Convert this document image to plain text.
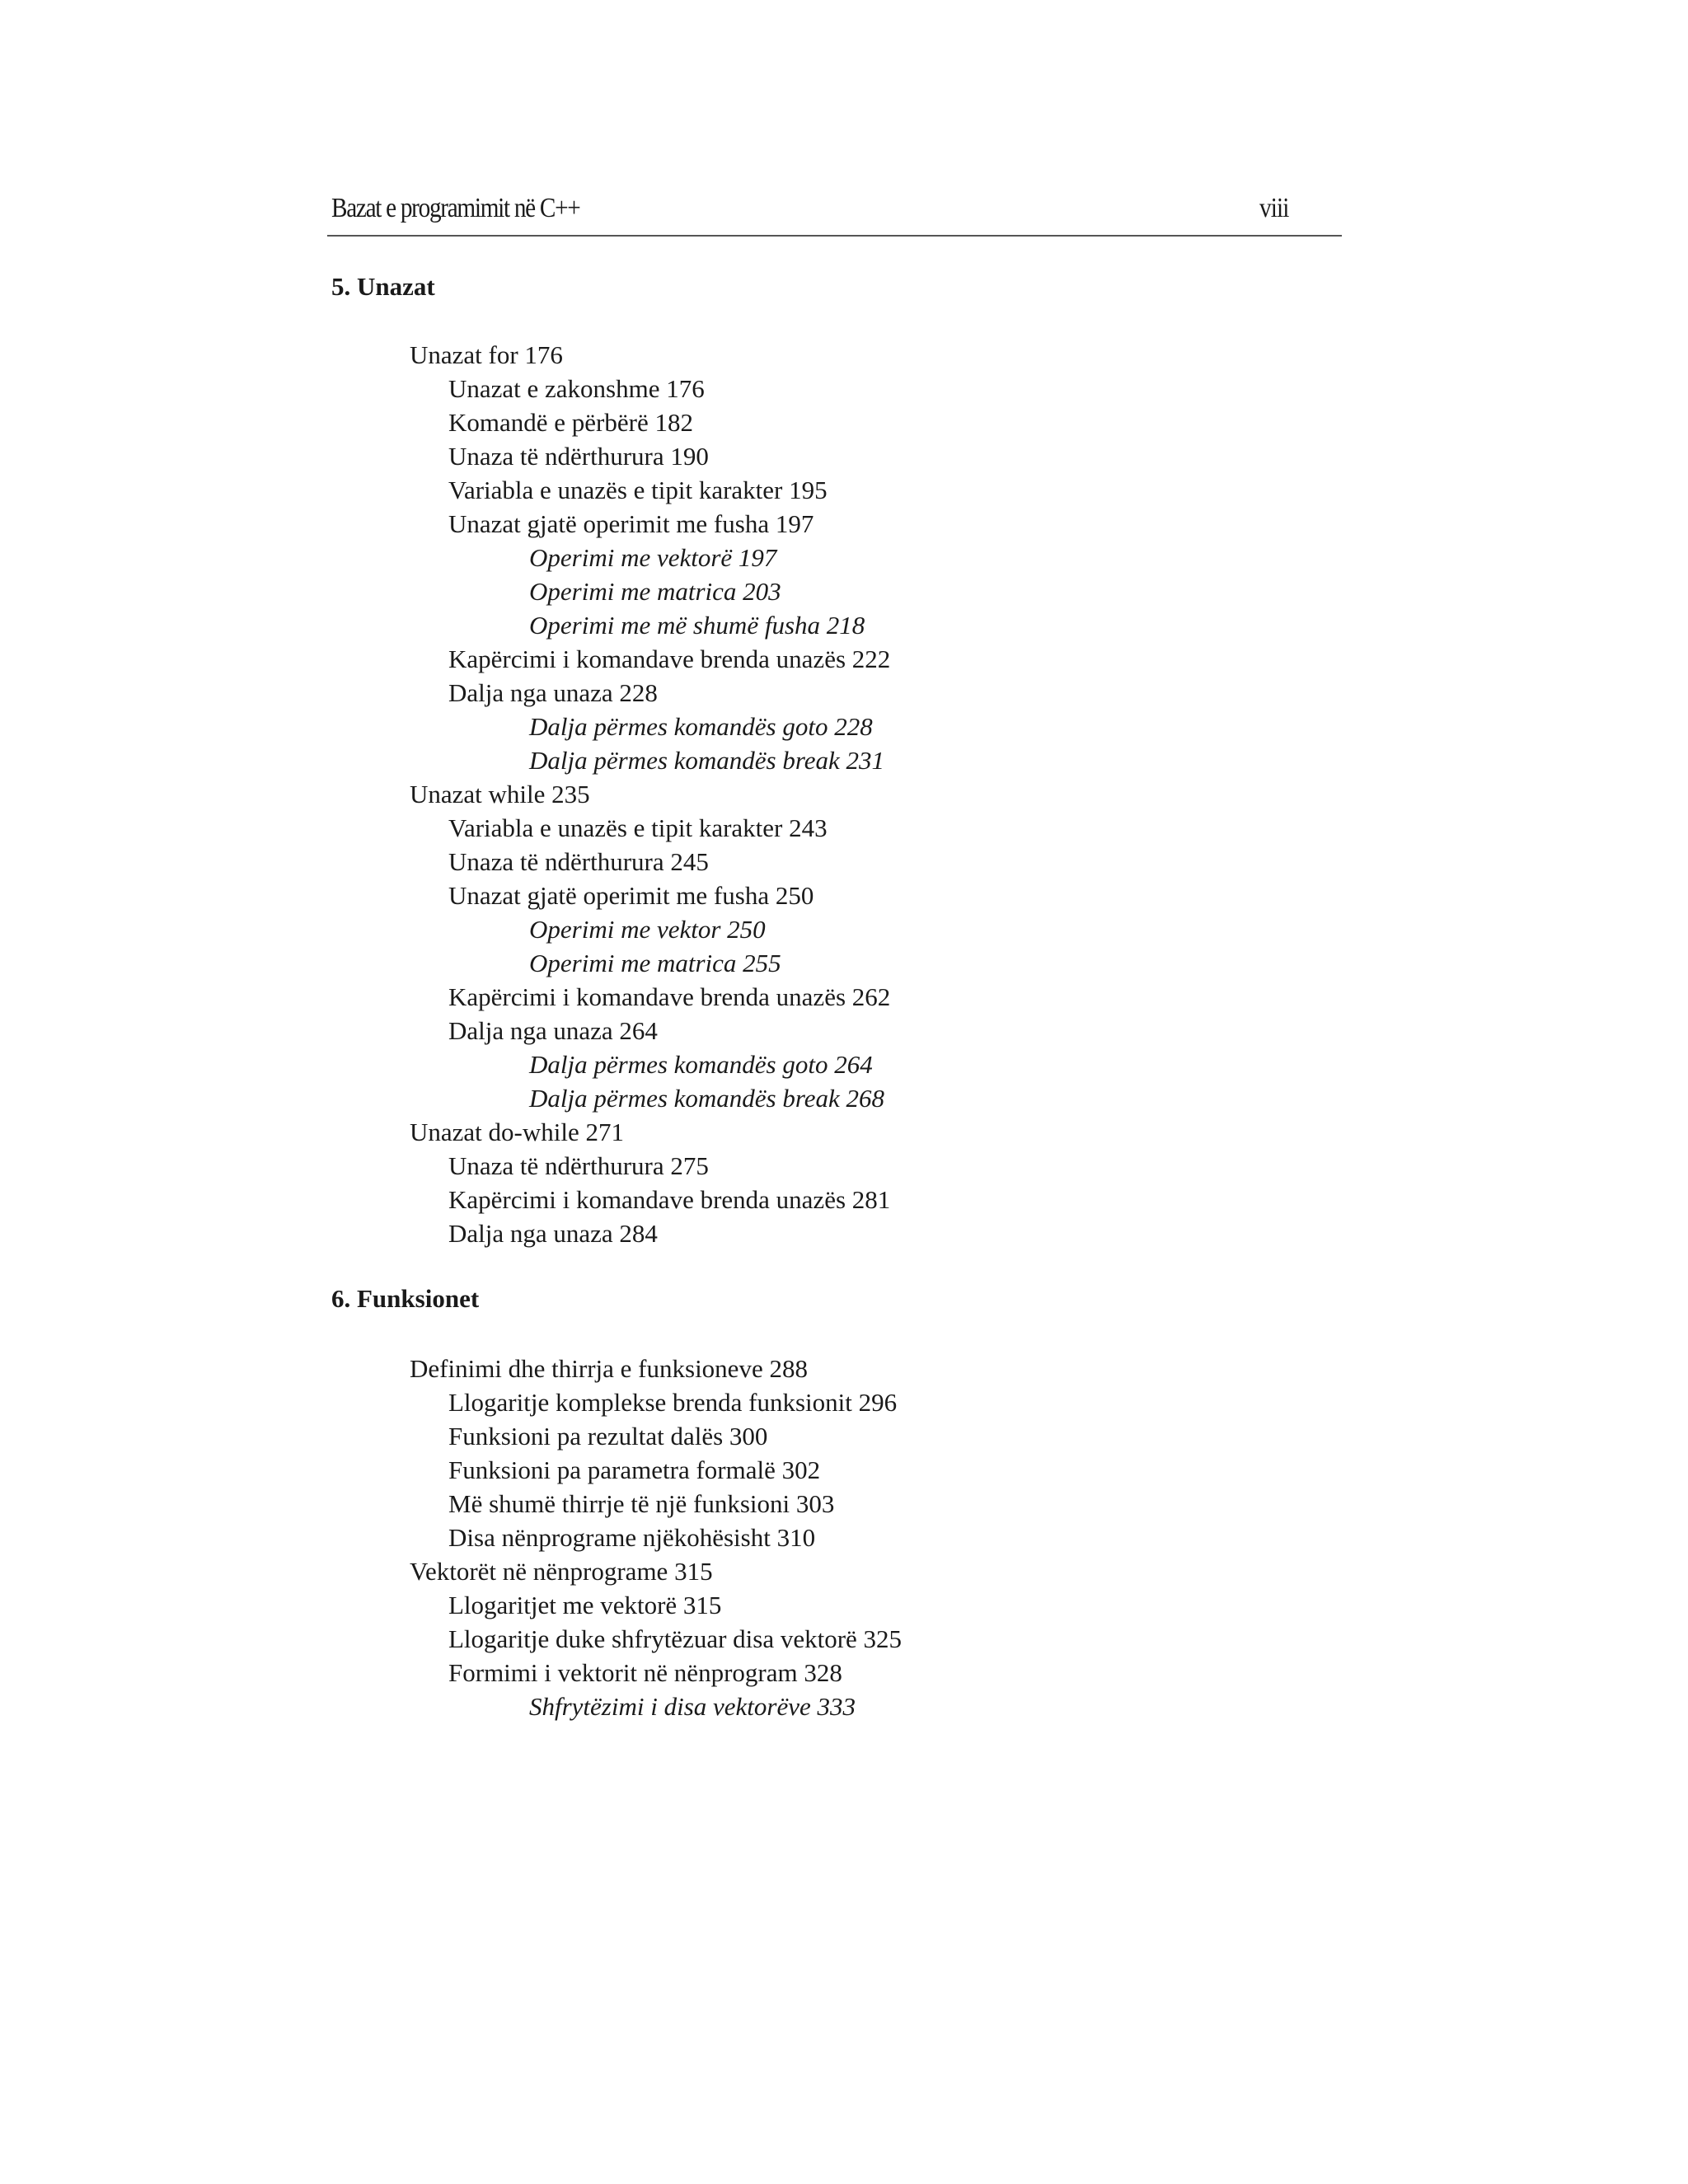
Bazat e programimit në C++	viii
5. Unazat
Unazat for 176
Unazat e zakonshme 176
Komandë e përbërë 182
Unaza të ndërthurura 190
Variabla e unazës e tipit karakter 195
Unazat gjatë operimit me fusha 197
Operimi me vektorë 197
Operimi me matrica 203
Operimi me më shumë fusha 218
Kapërcimi i komandave brenda unazës 222
Dalja nga unaza 228
Dalja përmes komandës goto 228
Dalja përmes komandës break 231
Unazat while 235
Variabla e unazës e tipit karakter 243
Unaza të ndërthurura 245
Unazat gjatë operimit me fusha 250
Operimi me vektor 250
Operimi me matrica 255
Kapërcimi i komandave brenda unazës 262
Dalja nga unaza 264
Dalja përmes komandës goto 264
Dalja përmes komandës break 268
Unazat do-while 271
Unaza të ndërthurura 275
Kapërcimi i komandave brenda unazës 281
Dalja nga unaza 284
6. Funksionet
Definimi dhe thirrja e funksioneve 288
Llogaritje komplekse brenda funksionit 296
Funksioni pa rezultat dalës 300
Funksioni pa parametra formalë 302
Më shumë thirrje të një funksioni 303
Disa nënprograme njëkohësisht 310
Vektorët në nënprograme 315
Llogaritjet me vektorë 315
Llogaritje duke shfrytëzuar disa vektorë 325
Formimi i vektorit në nënprogram 328
Shfrytëzimi i disa vektorëve 333
